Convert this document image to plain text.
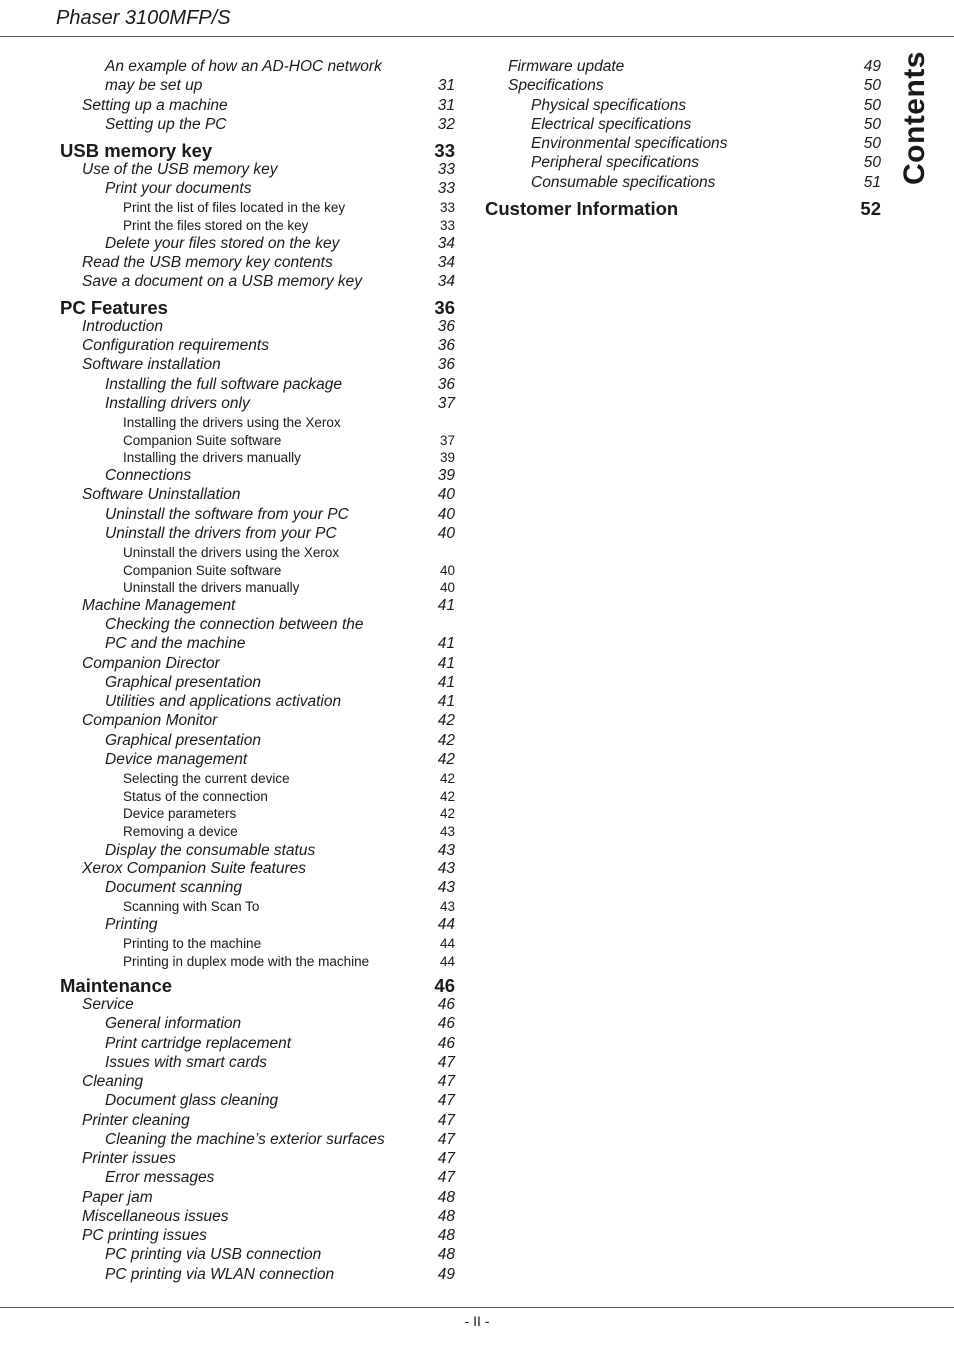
Phaser 3100MFP/S
Contents
An example of how an AD-HOC network
may be set up	31
Setting up a machine	31
Setting up the PC	32
USB memory key	33
Use of the USB memory key	33
Print your documents	33
Print the list of files located in the key	33
Print the files stored on the key	33
Delete your files stored on the key	34
Read the USB memory key contents	34
Save a document on a USB memory key	34
PC Features	36
Introduction	36
Configuration requirements	36
Software installation	36
Installing the full software package	36
Installing drivers only	37
Installing the drivers using the Xerox
Companion Suite software	37
Installing the drivers manually	39
Connections	39
Software Uninstallation	40
Uninstall the software from your PC	40
Uninstall the drivers from your PC	40
Uninstall the drivers using the Xerox
Companion Suite software	40
Uninstall the drivers manually	40
Machine Management	41
Checking the connection between the
PC and the machine	41
Companion Director	41
Graphical presentation	41
Utilities and applications activation	41
Companion Monitor	42
Graphical presentation	42
Device management	42
Selecting the current device	42
Status of the connection	42
Device parameters	42
Removing a device	43
Display the consumable status	43
Xerox Companion Suite features	43
Document scanning	43
Scanning with Scan To	43
Printing	44
Printing to the machine	44
Printing in duplex mode with the machine	44
Maintenance	46
Service	46
General information	46
Print cartridge replacement	46
Issues with smart cards	47
Cleaning	47
Document glass cleaning	47
Printer cleaning	47
Cleaning the machine’s exterior surfaces	47
Printer issues	47
Error messages	47
Paper jam	48
Miscellaneous issues	48
PC printing issues	48
PC printing via USB connection	48
PC printing via WLAN connection	49
Firmware update	49
Specifications	50
Physical specifications	50
Electrical specifications	50
Environmental specifications	50
Peripheral specifications	50
Consumable specifications	51
Customer Information	52
- II -
